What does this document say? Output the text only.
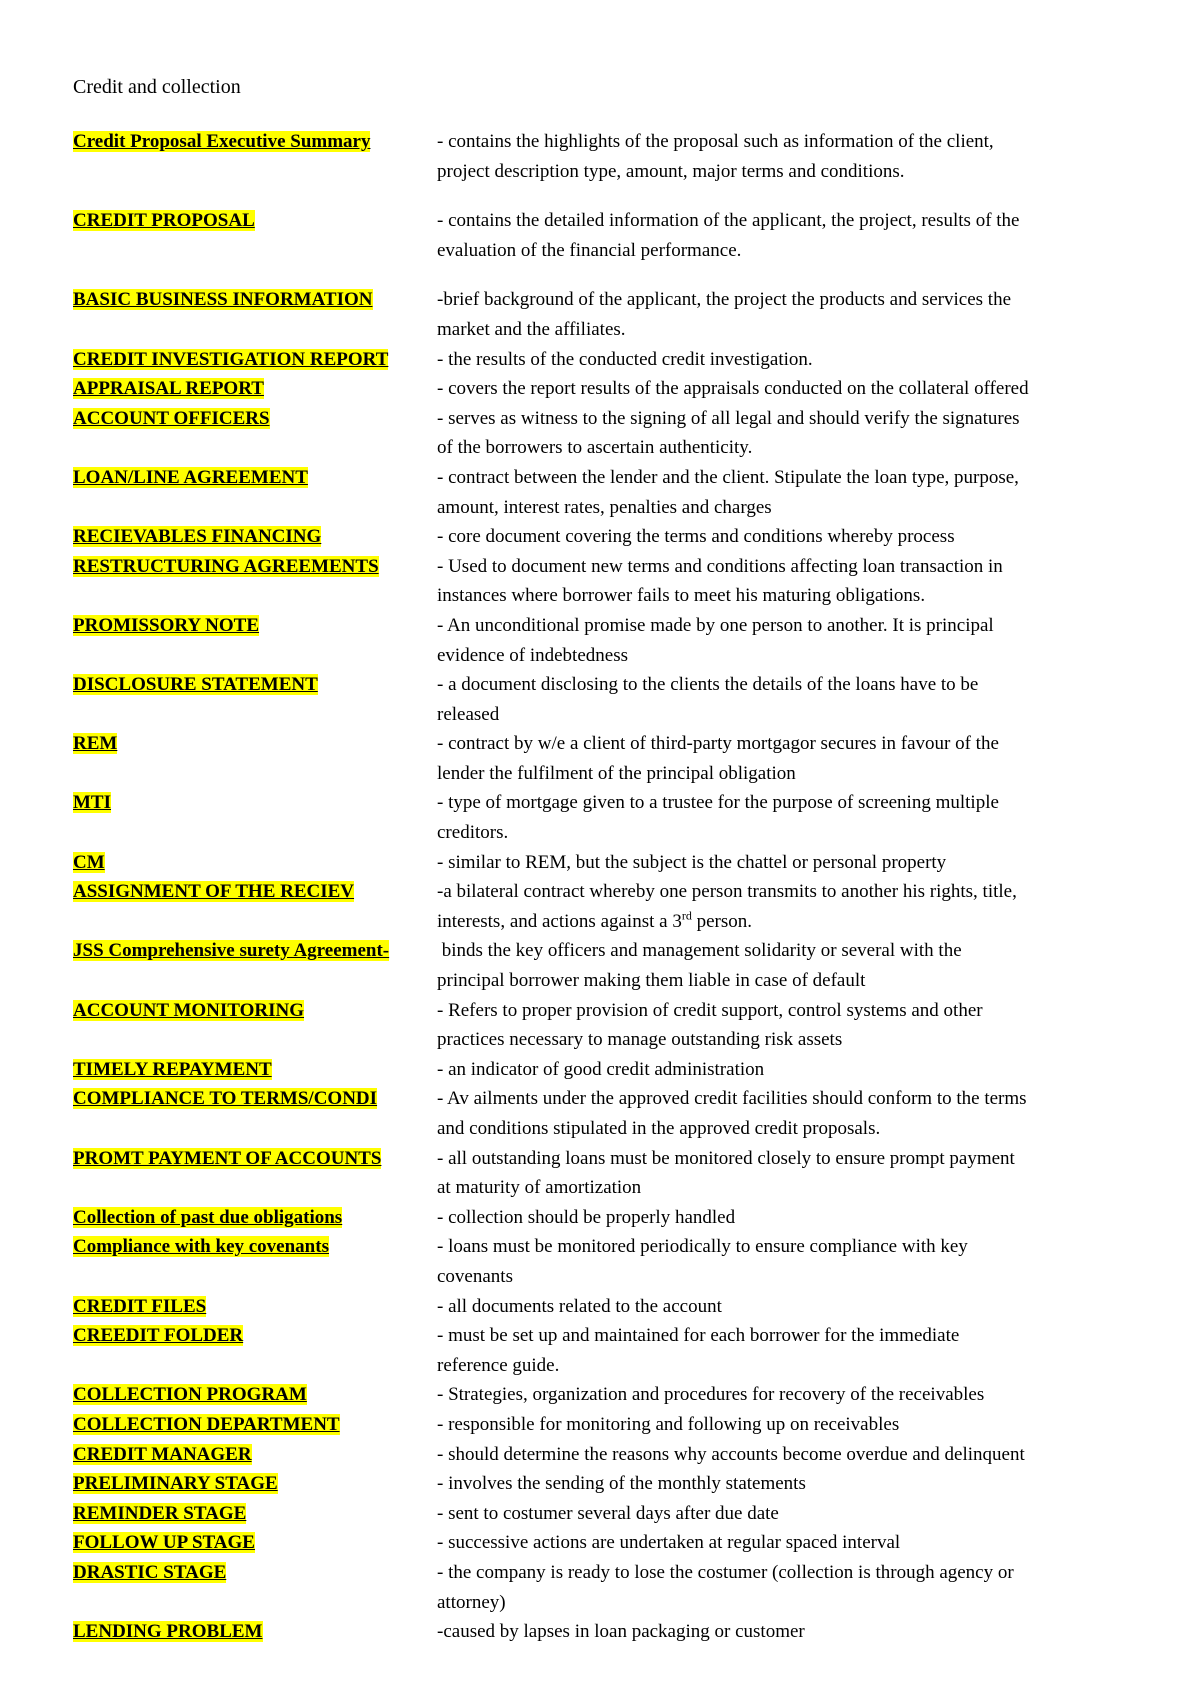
Credit and collection
Credit Proposal Executive Summary	- contains the highlights of the proposal such as information of the client,
project description type, amount, major terms and conditions.
CREDIT PROPOSAL	- contains the detailed information of the applicant, the project, results of the
evaluation of the financial performance.
BASIC BUSINESS INFORMATION	-brief background of the applicant, the project the products and services the
market and the affiliates.
CREDIT INVESTIGATION REPORT	- the results of the conducted credit investigation.
APPRAISAL REPORT	- covers the report results of the appraisals conducted on the collateral offered
ACCOUNT OFFICERS	- serves as witness to the signing of all legal and should verify the signatures
of the borrowers to ascertain authenticity.
LOAN/LINE AGREEMENT	- contract between the lender and the client. Stipulate the loan type, purpose,
amount, interest rates, penalties and charges
RECIEVABLES FINANCING	- core document covering the terms and conditions whereby process
RESTRUCTURING AGREEMENTS	- Used to document new terms and conditions affecting loan transaction in
instances where borrower fails to meet his maturing obligations.
PROMISSORY NOTE	- An unconditional promise made by one person to another. It is principal
evidence of indebtedness
DISCLOSURE STATEMENT	- a document disclosing to the clients the details of the loans have to be
released
REM	- contract by w/e a client of third-party mortgagor secures in favour of the
lender the fulfilment of the principal obligation
MTI	- type of mortgage given to a trustee for the purpose of screening multiple
creditors.
CM	- similar to REM, but the subject is the chattel or personal property
ASSIGNMENT OF THE RECIEV	-a bilateral contract whereby one person transmits to another his rights, title,
interests, and actions against a 3rd person.
JSS Comprehensive surety Agreement-	binds the key officers and management solidarity or several with the
principal borrower making them liable in case of default
ACCOUNT MONITORING	- Refers to proper provision of credit support, control systems and other
practices necessary to manage outstanding risk assets
TIMELY REPAYMENT	- an indicator of good credit administration
COMPLIANCE TO TERMS/CONDI	- Av ailments under the approved credit facilities should conform to the terms
and conditions stipulated in the approved credit proposals.
PROMT PAYMENT OF ACCOUNTS	- all outstanding loans must be monitored closely to ensure prompt payment
at maturity of amortization
Collection of past due obligations	- collection should be properly handled
Compliance with key covenants	- loans must be monitored periodically to ensure compliance with key
covenants
CREDIT FILES	- all documents related to the account
CREEDIT FOLDER	- must be set up and maintained for each borrower for the immediate
reference guide.
COLLECTION PROGRAM	- Strategies, organization and procedures for recovery of the receivables
COLLECTION DEPARTMENT	- responsible for monitoring and following up on receivables
CREDIT MANAGER	- should determine the reasons why accounts become overdue and delinquent
PRELIMINARY STAGE	- involves the sending of the monthly statements
REMINDER STAGE	- sent to costumer several days after due date
FOLLOW UP STAGE	- successive actions are undertaken at regular spaced interval
DRASTIC STAGE	- the company is ready to lose the costumer (collection is through agency or
attorney)
LENDING PROBLEM	-caused by lapses in loan packaging or customer
